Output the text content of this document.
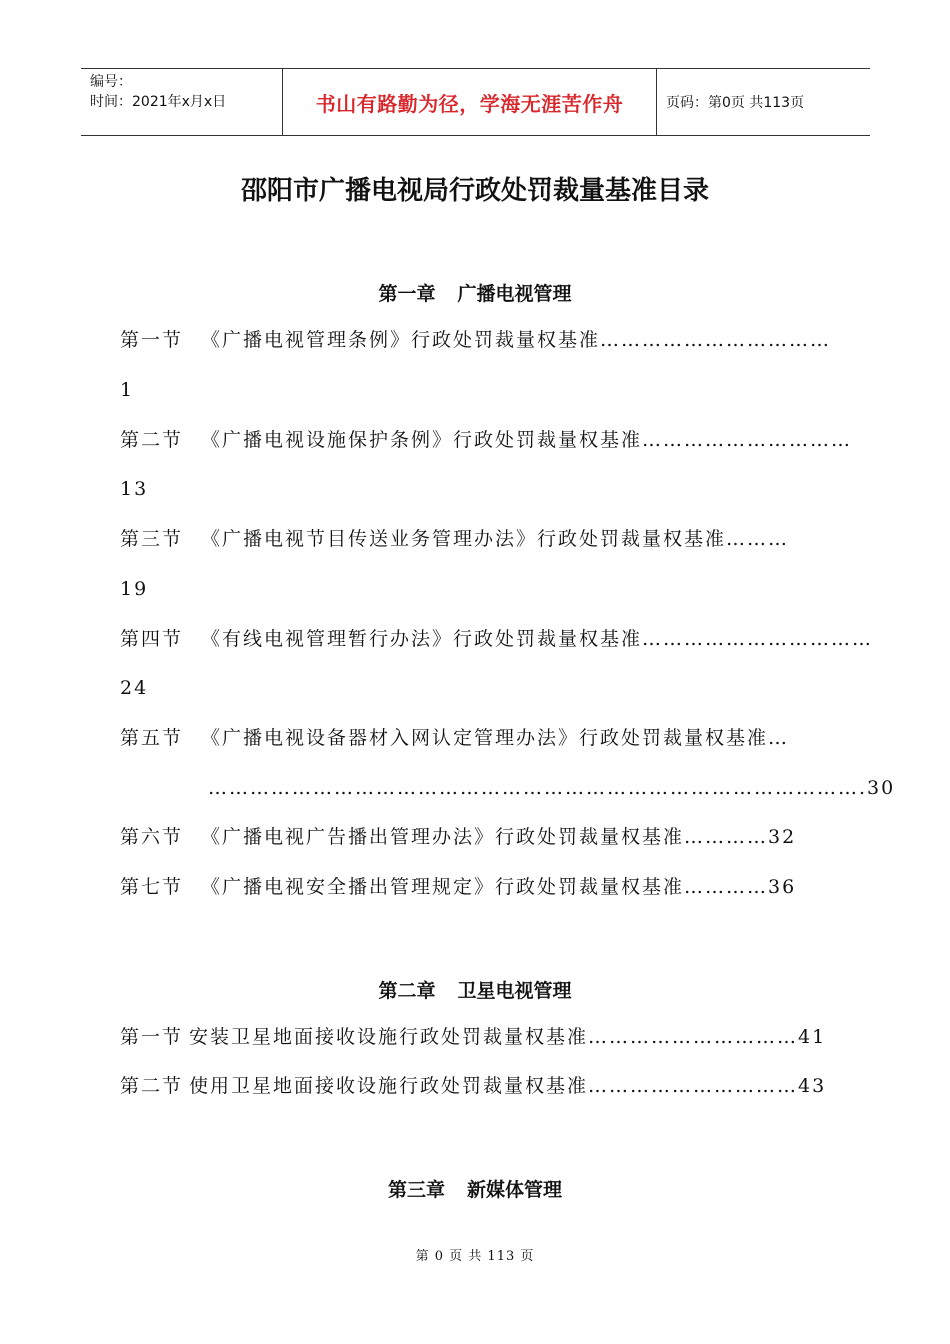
编号：
时间：2021年x月x日	书山有路勤为径，学海无涯苦作舟	页码：第0页 共113页
邵阳市广播电视局行政处罚裁量基准目录
第一章 广播电视管理
第一节 《广播电视管理条例》行政处罚裁量权基准……………………………
1
第二节 《广播电视设施保护条例》行政处罚裁量权基准…………………………
13
第三节 《广播电视节目传送业务管理办法》行政处罚裁量权基准………
19
第四节 《有线电视管理暂行办法》行政处罚裁量权基准……………………………
24
第五节 《广播电视设备器材入网认定管理办法》行政处罚裁量权基准…
………………………………………………………………………………….30
第六节 《广播电视广告播出管理办法》行政处罚裁量权基准…………32
第七节 《广播电视安全播出管理规定》行政处罚裁量权基准…………36
第二章 卫星电视管理
第一节 安装卫星地面接收设施行政处罚裁量权基准…………………………41
第二节 使用卫星地面接收设施行政处罚裁量权基准…………………………43
第三章 新媒体管理
第 0 页 共 113 页
